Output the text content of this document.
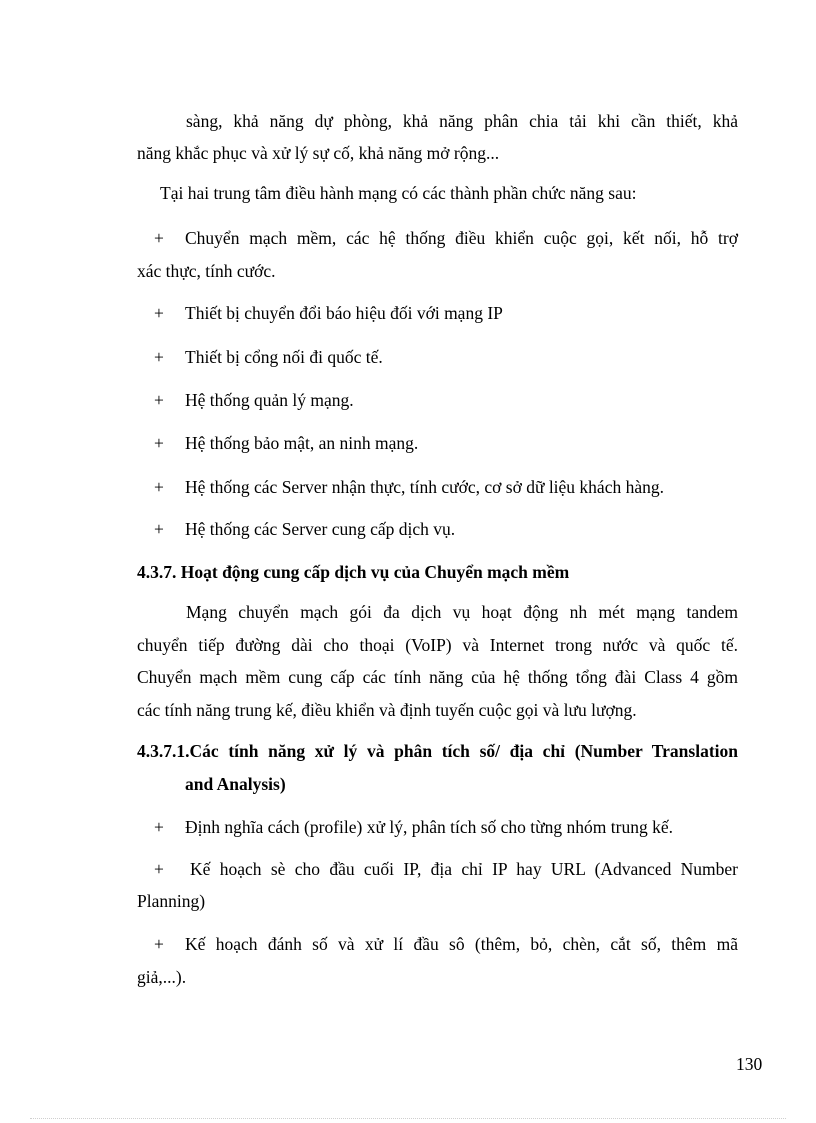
sàng, khả năng dự phòng, khả năng phân chia tải khi cần thiết, khả
năng khắc phục và xử lý sự cố, khả năng mở rộng...
Tại hai trung tâm điều hành mạng có các thành phần chức năng sau:
+ Chuyển mạch mềm, các hệ thống điều khiển cuộc gọi, kết nối, hỗ trợ
xác thực, tính cước.
+ Thiết bị chuyển đổi báo hiệu đối với mạng IP
+ Thiết bị cổng nối đi quốc tế.
+ Hệ thống quản lý mạng.
+ Hệ thống bảo mật, an ninh mạng.
+ Hệ thống các Server nhận thực, tính cước, cơ sở dữ liệu khách hàng.
+ Hệ thống các Server cung cấp dịch vụ.
4.3.7. Hoạt động cung cấp dịch vụ của Chuyển mạch mềm
Mạng chuyển mạch gói đa dịch vụ hoạt động nh mét mạng tandem
chuyển tiếp đường dài cho thoại (VoIP) và Internet trong nước và quốc tế.
Chuyển mạch mềm cung cấp các tính năng của hệ thống tổng đài Class 4 gồm
các tính năng trung kế, điều khiển và định tuyến cuộc gọi và lưu lượng.
4.3.7.1.Các tính năng xử lý và phân tích số/ địa chỉ (Number Translation
and Analysis)
+ Định nghĩa cách (profile) xử lý, phân tích số cho từng nhóm trung kế.
+ Kế hoạch sè cho đầu cuối IP, địa chỉ IP hay URL (Advanced Number
Planning)
+ Kế hoạch đánh số và xử lí đầu sô (thêm, bỏ, chèn, cắt số, thêm mã
giả,...).
130
